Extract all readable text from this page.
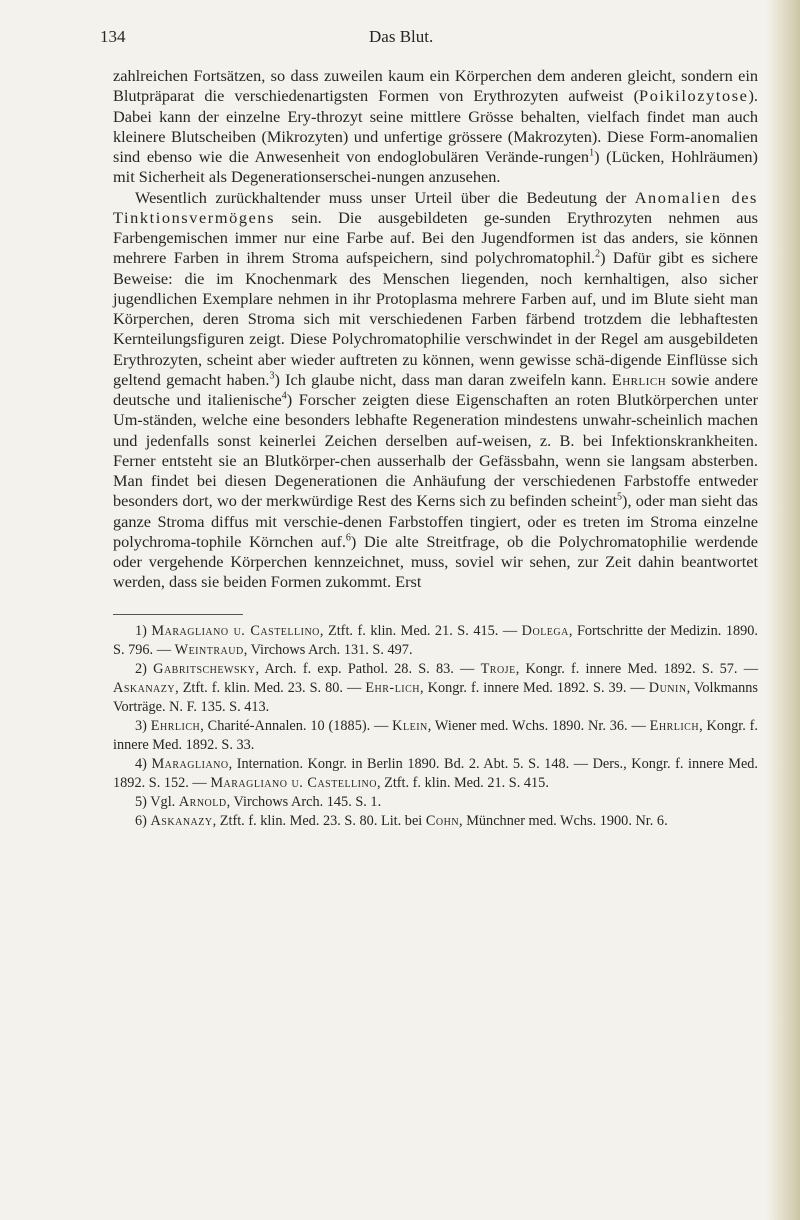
134	Das Blut.

zahlreichen Fortsätzen, so dass zuweilen kaum ein Körperchen dem anderen gleicht, sondern ein Blutpräparat die verschiedenartigsten Formen von Erythrozyten aufweist (Poikilozytose). Dabei kann der einzelne Ery-throzyt seine mittlere Grösse behalten, vielfach findet man auch kleinere Blutscheiben (Mikrozyten) und unfertige grössere (Makrozyten). Diese Form-anomalien sind ebenso wie die Anwesenheit von endoglobulären Verände-rungen$^1$) (Lücken, Hohlräumen) mit Sicherheit als Degenerationserschei-nungen anzusehen.

Wesentlich zurückhaltender muss unser Urteil über die Bedeutung der Anomalien des Tinktionsvermögens sein. Die ausgebildeten ge-sunden Erythrozyten nehmen aus Farbengemischen immer nur eine Farbe auf. Bei den Jugendformen ist das anders, sie können mehrere Farben in ihrem Stroma aufspeichern, sind polychromatophil.$^2$) Dafür gibt es sichere Beweise: die im Knochenmark des Menschen liegenden, noch kernhaltigen, also sicher jugendlichen Exemplare nehmen in ihr Protoplasma mehrere Farben auf, und im Blute sieht man Körperchen, deren Stroma sich mit verschiedenen Farben färbend trotzdem die lebhaftesten Kernteilungsfiguren zeigt. Diese Polychromatophilie verschwindet in der Regel am ausgebildeten Erythrozyten, scheint aber wieder auftreten zu können, wenn gewisse schä-digende Einflüsse sich geltend gemacht haben.$^3$) Ich glaube nicht, dass man daran zweifeln kann. Ehrlich sowie andere deutsche und italienische$^4$) Forscher zeigten diese Eigenschaften an roten Blutkörperchen unter Um-ständen, welche eine besonders lebhafte Regeneration mindestens unwahr-scheinlich machen und jedenfalls sonst keinerlei Zeichen derselben auf-weisen, z. B. bei Infektionskrankheiten. Ferner entsteht sie an Blutkörper-chen ausserhalb der Gefässbahn, wenn sie langsam absterben. Man findet bei diesen Degenerationen die Anhäufung der verschiedenen Farbstoffe entweder besonders dort, wo der merkwürdige Rest des Kerns sich zu befinden scheint$^5$), oder man sieht das ganze Stroma diffus mit verschie-denen Farbstoffen tingiert, oder es treten im Stroma einzelne polychroma-tophile Körnchen auf.$^6$) Die alte Streitfrage, ob die Polychromatophilie werdende oder vergehende Körperchen kennzeichnet, muss, soviel wir sehen, zur Zeit dahin beantwortet werden, dass sie beiden Formen zukommt. Erst

1) Maragliano u. Castellino, Ztft. f. klin. Med. 21. S. 415. — Dolega, Fortschritte der Medizin. 1890. S. 796. — Weintraud, Virchows Arch. 131. S. 497.

2) Gabritschewsky, Arch. f. exp. Pathol. 28. S. 83. — Troje, Kongr. f. innere Med. 1892. S. 57. — Askanazy, Ztft. f. klin. Med. 23. S. 80. — Ehr-lich, Kongr. f. innere Med. 1892. S. 39. — Dunin, Volkmanns Vorträge. N. F. 135. S. 413.

3) Ehrlich, Charité-Annalen. 10 (1885). — Klein, Wiener med. Wchs. 1890. Nr. 36. — Ehrlich, Kongr. f. innere Med. 1892. S. 33.

4) Maragliano, Internation. Kongr. in Berlin 1890. Bd. 2. Abt. 5. S. 148. — Ders., Kongr. f. innere Med. 1892. S. 152. — Maragliano u. Castellino, Ztft. f. klin. Med. 21. S. 415.

5) Vgl. Arnold, Virchows Arch. 145. S. 1.

6) Askanazy, Ztft. f. klin. Med. 23. S. 80. Lit. bei Cohn, Münchner med. Wchs. 1900. Nr. 6.
